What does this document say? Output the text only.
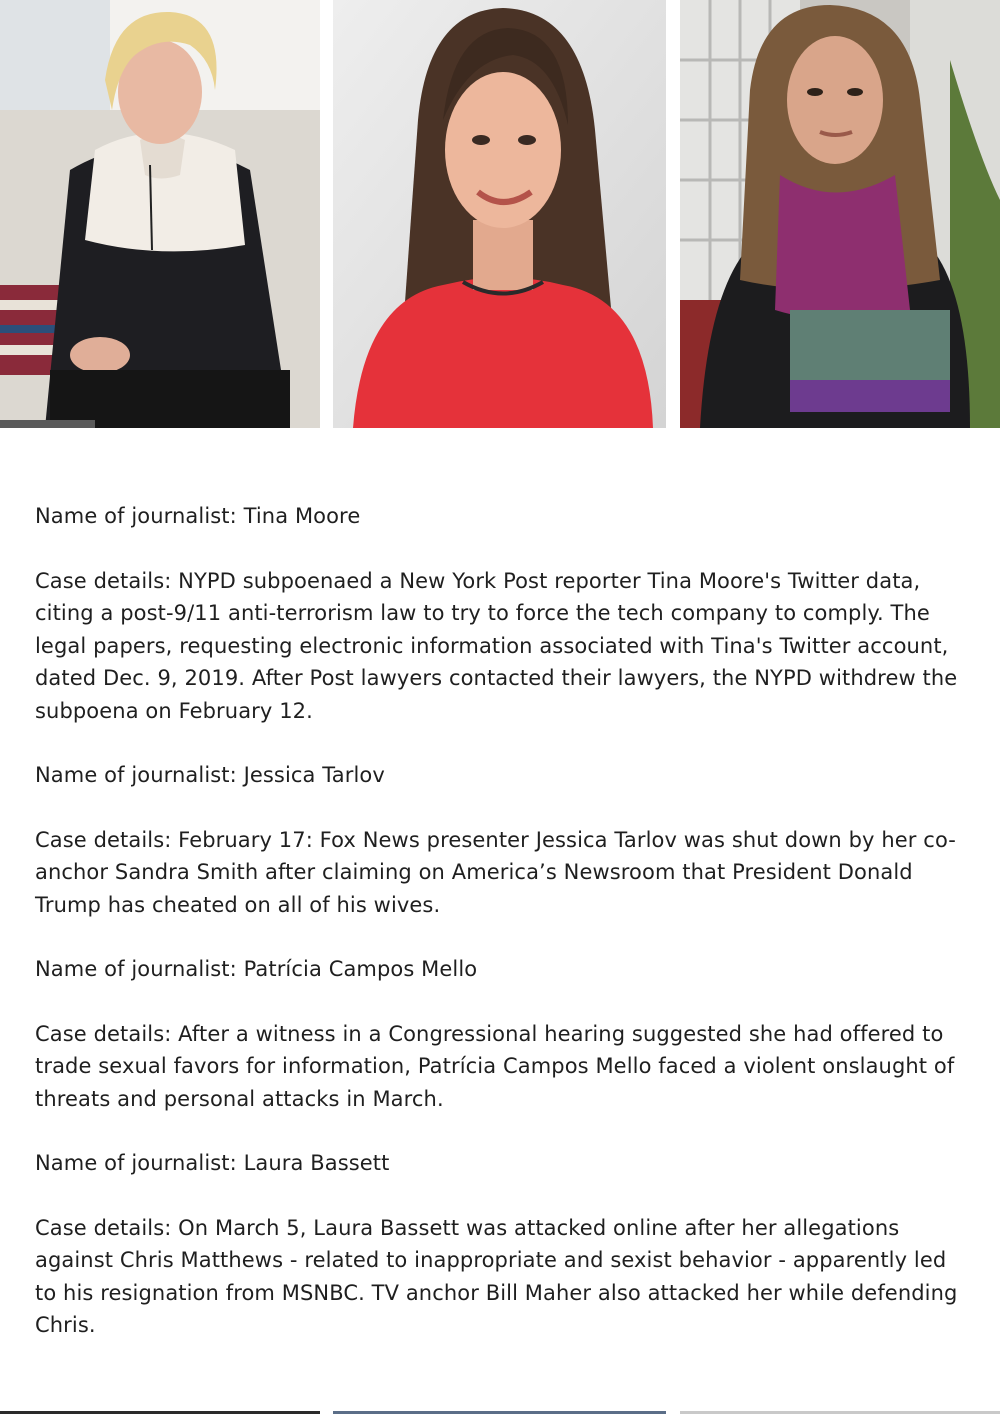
Name of journalist: Tina Moore

Case details: NYPD subpoenaed a New York Post reporter Tina Moore's Twitter data, citing a post-9/11 anti-terrorism law to try to force the tech company to comply. The legal papers, requesting electronic information associated with Tina's Twitter account, dated Dec. 9, 2019. After Post lawyers contacted their lawyers, the NYPD withdrew the subpoena on February 12.

Name of journalist: Jessica Tarlov

Case details: February 17: Fox News presenter Jessica Tarlov was shut down by her co-anchor Sandra Smith after claiming on America’s Newsroom that President Donald Trump has cheated on all of his wives.

Name of journalist: Patrícia Campos Mello

Case details: After a witness in a Congressional hearing suggested she had offered to trade sexual favors for information, Patrícia Campos Mello faced a violent onslaught of threats and personal attacks in March.

Name of journalist: Laura Bassett

Case details: On March 5, Laura Bassett was attacked online after her allegations against Chris Matthews - related to inappropriate and sexist behavior - apparently led to his resignation from MSNBC. TV anchor Bill Maher also attacked her while defending Chris.
